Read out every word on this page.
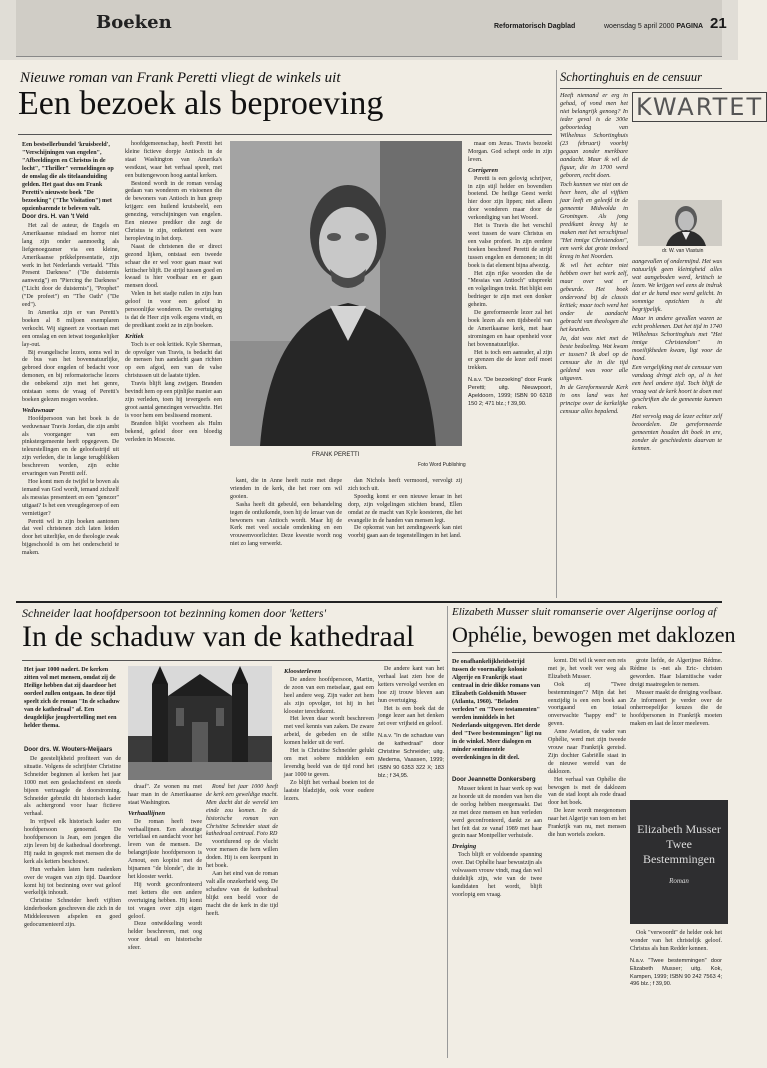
Boeken	Reformatorisch Dagblad	woensdag 5 april 2000 PAGINA 21
Nieuwe roman van Frank Peretti vliegt de winkels uit
Een bezoek als beproeving
Een bestsellerbundel 'kruisbeeld', "Verschijningen van engelen", "Afbeeldingen en Christus in de locht", "Thriller" vermeldingen op de omslag die als titelaanduiding gelden. Het gaat dus om Frank Peretti's nieuwste boek "De bezoeking" ("The Visitation") met opzienbarende te beleven valt.
Door drs. H. van 't Veld

Het zal de auteur, de Engels en Amerikaanse misdaad en horror niet lang zijn onder aanmoedig als liefgenoegzamer via een kleine, Amerikaanse prikkelpresentatie, zijn werk in het Nederlands vertaald. "This Present Darkness" ("De duisternis aanwezig") en "Piercing the Darkness" ("Licht door de duisternis"), "Prophet" ("De profeet") en "The Oath" ("De eed").

In Amerika zijn er van Peretti's boeken al 8 miljoen exemplaren verkocht. Wij signeert ze voortaan met een omslag en een ietwat toegankelijker lay-out.

Bij evangelische lezers, soms wel in de bus van het bovennatuurlijke, gebroed door engelen of bedacht voor demonen, en bij reformatorische lezers die onbekend zijn met het genre, ontstaan soms de vraag of Peretti's boeken gelezen mogen worden.

Weduwnaar

Hoofdpersoon van het boek is de weduwnaar Travis Jordan, die zijn ambt als voorganger van een pinkstergemeente heeft opgegeven. De teleurstellingen en de geloofsstrijd uit zijn verleden, die in lange terugblikken beschreven worden, zijn echte ervaringen van Peretti zelf.

Hoe komt men de twijfel te boven als iemand van God wordt, iemand zichzelf als messias presenteert en een "genezer" uitgaat? Is het een vreugdegeroep of een vernietiger?

Peretti wil in zijn boeken aantonen dat veel christenen zich laten leiden door het uiterlijke, en de theologie zwak bijgeschoold is om het onderscheid te maken.

hoofdgemeenschap, heeft Peretti het kleine fictieve dorpje Antioch in de staat Washington van Amerika's westkust, waar het verhaal speelt, met een buitengewoon hoog aantal kerken.

Bestond wordt in de roman verslag gedaan van wonderen en visioenen die de bewoners van Antioch in hun greep krijgen: een huilend kruisbeeld, een genezing, verschijningen van engelen. Een nieuwe prediker die zegt de Christus te zijn, ontketent een ware heropleving in het dorp.

Naast de christenen die er direct gezond lijken, ontstaat een tweede schaar die er wel voor gaan maar wat kritischer blijft. De strijd tussen goed en kwaad is hier voelbaar en er gaan mensen dood.

Velen in het stadje ruilen in zijn hun geloof in voor een geloof in persoonlijke wonderen. De overtuiging is dat de Heer zijn volk ergens vindt, en de predikant zoekt ze in zijn boeken.

Kritiek

Toch is er ook kritiek. Kyle Sherman, de opvolger van Travis, is bedacht dat de mensen hun aandacht gaan richten op een afgod, een van de valse christussen uit de laatste tijden.

Travis blijft lang zwijgen. Branden bevindt hem op een pijnlijke manier aan zijn verleden, toen hij tevergeefs een groot aantal genezingen verwachtte. Het is voor hem een beslissend moment.

Brandon blijkt voorheen als Hulm bekend, geleid door een bloedig verleden in Moscote.

FRANK PERETTI
Foto Word Publishing

kant, die in Anne heeft ruzie met diepe vrienden in de kerk, die het roer om wil gooien.

Sasha heeft dit gebeuld, een behandeling tegen de ontluikende, toen hij de leraar van de bewoners van Antioch wordt. Maar hij de Kerk met veel sociale omdenking en een vrouwenvoorlichter. Deze kwestie wordt nog niet zo lang verwerkt.

dan Nichols heeft vermoord, vervolgt zij zich toch uit.

Spoedig komt er een nieuwe leraar in het dorp, zijn volgelingen stichten brand, Ellen omdat ze de macht van Kyle koesteren, die het evangelie in de handen van mensen legt.

De opkomst van het zendingswerk kan niet voorbij gaan aan de tegenstellingen in het land.

maar om Jezus. Travis bezoekt Morgan. God schept orde in zijn leven.

Corrigeren

Peretti is een gelovig schrijver, in zijn stijl helder en bovendien boeiend. De heilige Geest werkt hier door zijn lippen; niet alleen door wonderen maar door de verkondiging van het Woord.

Het is Travis die het verschil weet tussen de ware Christus en een valse profeet. In zijn eerdere boeken beschreef Peretti de strijd tussen engelen en demonen; in dit boek is dat element bijna afwezig.

Het zijn rijke woorden die de "Messias van Antioch" uitspreekt en volgelingen trekt. Het blijkt een bedrieger te zijn met een donker geheim.

De gereformeerde lezer zal het boek lezen als een tijdsbeeld van de Amerikaanse kerk, met haar stromingen en haar openheid voor het bovennatuurlijke.

Het is toch een aanrader, al zijn er grenzen die de lezer zelf moet trekken.

N.a.v. "De bezoeking" door Frank Peretti; uitg. Nieuwpoort, Apeldoorn, 1999; ISBN 90 6318 150 2; 471 blz.; f 39,90.

Schortinghuis en de censuur
KWARTET

Heeft niemand er erg in gehad, of vond men het niet belangrijk genoeg? In ieder geval is de 300e geboortedag van Wilhelmus Schortinghuis (23 februari) voorbij gegaan zonder merkbare aandacht. Maar ik wil de figuur, die in 1700 werd geboren, recht doen.

Toch kunnen we niet om de heer heen, die al vijftien jaar leeft en geleefd in de gemeente Midwolda in Groningen. Als jong predikant kreeg hij te maken met het verschijnsel "Het innige Christendom", een werk dat grote invloed kreeg in het Noorden.

Ik wil het echter niet hebben over het werk zelf, maar over wat er gebeurde. Het boek ondervond bij de classis kritiek; maar toch werd het onder de aandacht gebracht van theologen die het keurden.

Ja, dat was niet met de beste bedoeling. Wat kwam er tussen? Ik doel op de censuur die in die tijd geldend was voor alle uitgaven.

In de Gereformeerde Kerk in ons land was het principe over de kerkelijke censuur alles bepalend.

dr. W. van Vlastuin

aangevallen of ondermijnd. Het was natuurlijk geen kleinigheid alles wat aangeboden werd, kritisch te lezen. We krijgen wel eens de indruk dat er de hand mee werd gelicht. In sommige opzichten is dit begrijpelijk.

Maar in andere gevallen waren ze echt problemen. Dat het tijd in 1740 Wilhelmus Schortinghuis met "Het innige Christendom" in moeilijkheden kwam, ligt voor de hand.

Een vergelijking met de censuur van vandaag dringt zich op, al is het een heel andere tijd. Toch blijft de vraag wat de kerk hoort te doen met geschriften die de gemeente kunnen raken.

Het vervolg mag de lezer echter zelf beoordelen. De gereformeerde gemeenten houden dit boek in ere, zonder de geschiedenis daarvan te kennen.

Schneider laat hoofdpersoon tot bezinning komen door 'ketters'
In de schaduw van de kathedraal
Het jaar 1000 nadert. De kerken zitten vol met mensen, omdat zij de Heilige hebben dat zij daardoor het oordeel zullen ontgaan. In deze tijd speelt zich de roman "In de schaduw van de kathedraal" af. Een deugdelijke jeugdvertelling met een helder thema.
Door drs. W. Wouters-Meijaars

De geestelijkheid profiteert van de situatie. Volgens de schrijfster Christine Schneider beginnen al kerken het jaar 1000 met een geslachtsfeest en steeds bijeen vertraagde de doorstroming. Schneider gebruikt dit historisch kader als achtergrond voor haar fictieve verhaal.

In vrijwel elk historisch kader een hoofdpersoon genoemd. De hoofdpersoon is Jean, een jongen die zijn leven bij de kathedraal doorbrengt. Hij raakt in gesprek met mensen die de kerk als ketters beschouwt.

Hun verhalen laten hem nadenken over de vragen van zijn tijd. Daardoor komt hij tot bezinning over wat geloof werkelijk inhoudt.

Christine Schneider heeft vijftien kinderboeken geschreven die zich in de Middeleeuwen afspelen en goed gedocumenteerd zijn.

draaf". Ze wonen nu met haar man in de Amerikaanse staat Washington.

Verhaallijnen

De roman heeft twee verhaallijnen. Een aboutige verteltaal en aandacht voor het leven van de mensen. De belangrijkste hoofdpersoon is Arnout, een kopiist met de bijnamen "de blonde", die in het klooster werkt.

Hij wordt geconfronteerd met ketters die een andere overtuiging hebben. Hij komt tot vragen over zijn eigen geloof.

Deze ontwikkeling wordt helder beschreven, met oog voor detail en historische sfeer.

Rond het jaar 1000 heeft de kerk een geweldige macht. Men dacht dat de wereld ten einde zou komen. In de historische roman van Christine Schneider staat de kathedraal centraal. Foto RD

voortdurend op de vlucht voor mensen die hem willen doden. Hij is een keerpunt in het boek.

Aan het eind van de roman valt alle onzekerheid weg. De schaduw van de kathedraal blijkt een beeld voor de macht die de kerk in die tijd heeft.

Kloosterleven

De andere hoofdpersoon, Martin, de zoon van een metselaar, gaat een heel andere weg. Zijn vader zet hem als zijn opvolger, tot hij in het klooster terechtkomt.

Het leven daar wordt beschreven met veel kennis van zaken. De zware arbeid, de gebeden en de stilte komen helder uit de verf.

Het is Christine Schneider gelukt om met sobere middelen een levendig beeld van de tijd rond het jaar 1000 te geven.

Zo blijft het verhaal boeien tot de laatste bladzijde, ook voor oudere lezers.

De andere kant van het verhaal laat zien hoe de ketters vervolgd werden en hoe zij trouw bleven aan hun overtuiging.

Het is een boek dat de jonge lezer aan het denken zet over vrijheid en geloof.

N.a.v. "In de schaduw van de kathedraal" door Christine Schneider; uitg. Medema, Vaassen, 1999; ISBN 90 6353 322 X; 183 blz.; f 34,95.

Elizabeth Musser sluit romanserie over Algerijnse oorlog af
Ophélie, bewogen met daklozen
De onafhankelijkheidsstrijd tussen de voormalige kolonie Algerije en Frankrijk staat centraal in drie dikke romans van Elizabeth Goldsmith Musser (Atlanta, 1960). "Beladen verleden" en "Twee testamenten" werden inmiddels in het Nederlands uitgegeven. Het derde deel "Twee bestemmingen" ligt nu in de winkel. Meer dialogen en minder sentimentele overdenkingen in dit deel.
Door Jeannette Donkersberg

Musser tekent in haar werk op wat ze hoorde uit de monden van hen die de oorlog hebben meegemaakt. Dat ze met deze mensen en hun verleden werd geconfronteerd, dankt ze aan het feit dat ze vanaf 1989 met haar gezin naar Montpellier verhuisde.

Dreiging

Toch blijft er voldoende spanning over. Dat Ophélie haar bewustzijn als volwassen vrouw vindt, mag dan wel duidelijk zijn, wie van de twee kandidaten het wordt, blijft voorlopig een vraag.

komt. Dit wil ik weer een reis met je, het voelt ver weg als Elizabeth Musser.

Ook zij "Twee bestemmingen"? Mijn dat het eenzijdig is een een boek aan voortgaand en totaal onverwachte "happy end" te geven.

Anne Aviation, de vader van Ophélie, werd met zijn tweede vrouw naar Frankrijk gereisd. Zijn dochter Gabriëlle staat in de nieuwe wereld van de daklozen.

Het verhaal van Ophélie die bewogen is met de daklozen van de stad loopt als rode draad door het boek.

De lezer wordt meegenomen naar het Algerije van toen en het Frankrijk van nu, met mensen die hun wortels zoeken.

grote liefde, de Algerijnse Rédme. Rédme is -net als Eric- christen geworden. Haar Islamitische vader dreigt maatregelen te nemen.

Musser maakt de dreiging voelbaar. Ze informeert je verder over de onherroepelijke keuzes die de hoofdpersonen in Frankrijk moeten maken en laat de lezer meeleven.

Elizabeth Musser
Twee Bestemmingen
Roman

Ook "verwoordt" de helder ook het wonder van het christelijk geloof. Christus als hun Redder kennen.

N.a.v. "Twee bestemmingen" door Elizabeth Musser; uitg. Kok, Kampen, 1999; ISBN 90 242 7563 4; 496 blz.; f 39,90.
